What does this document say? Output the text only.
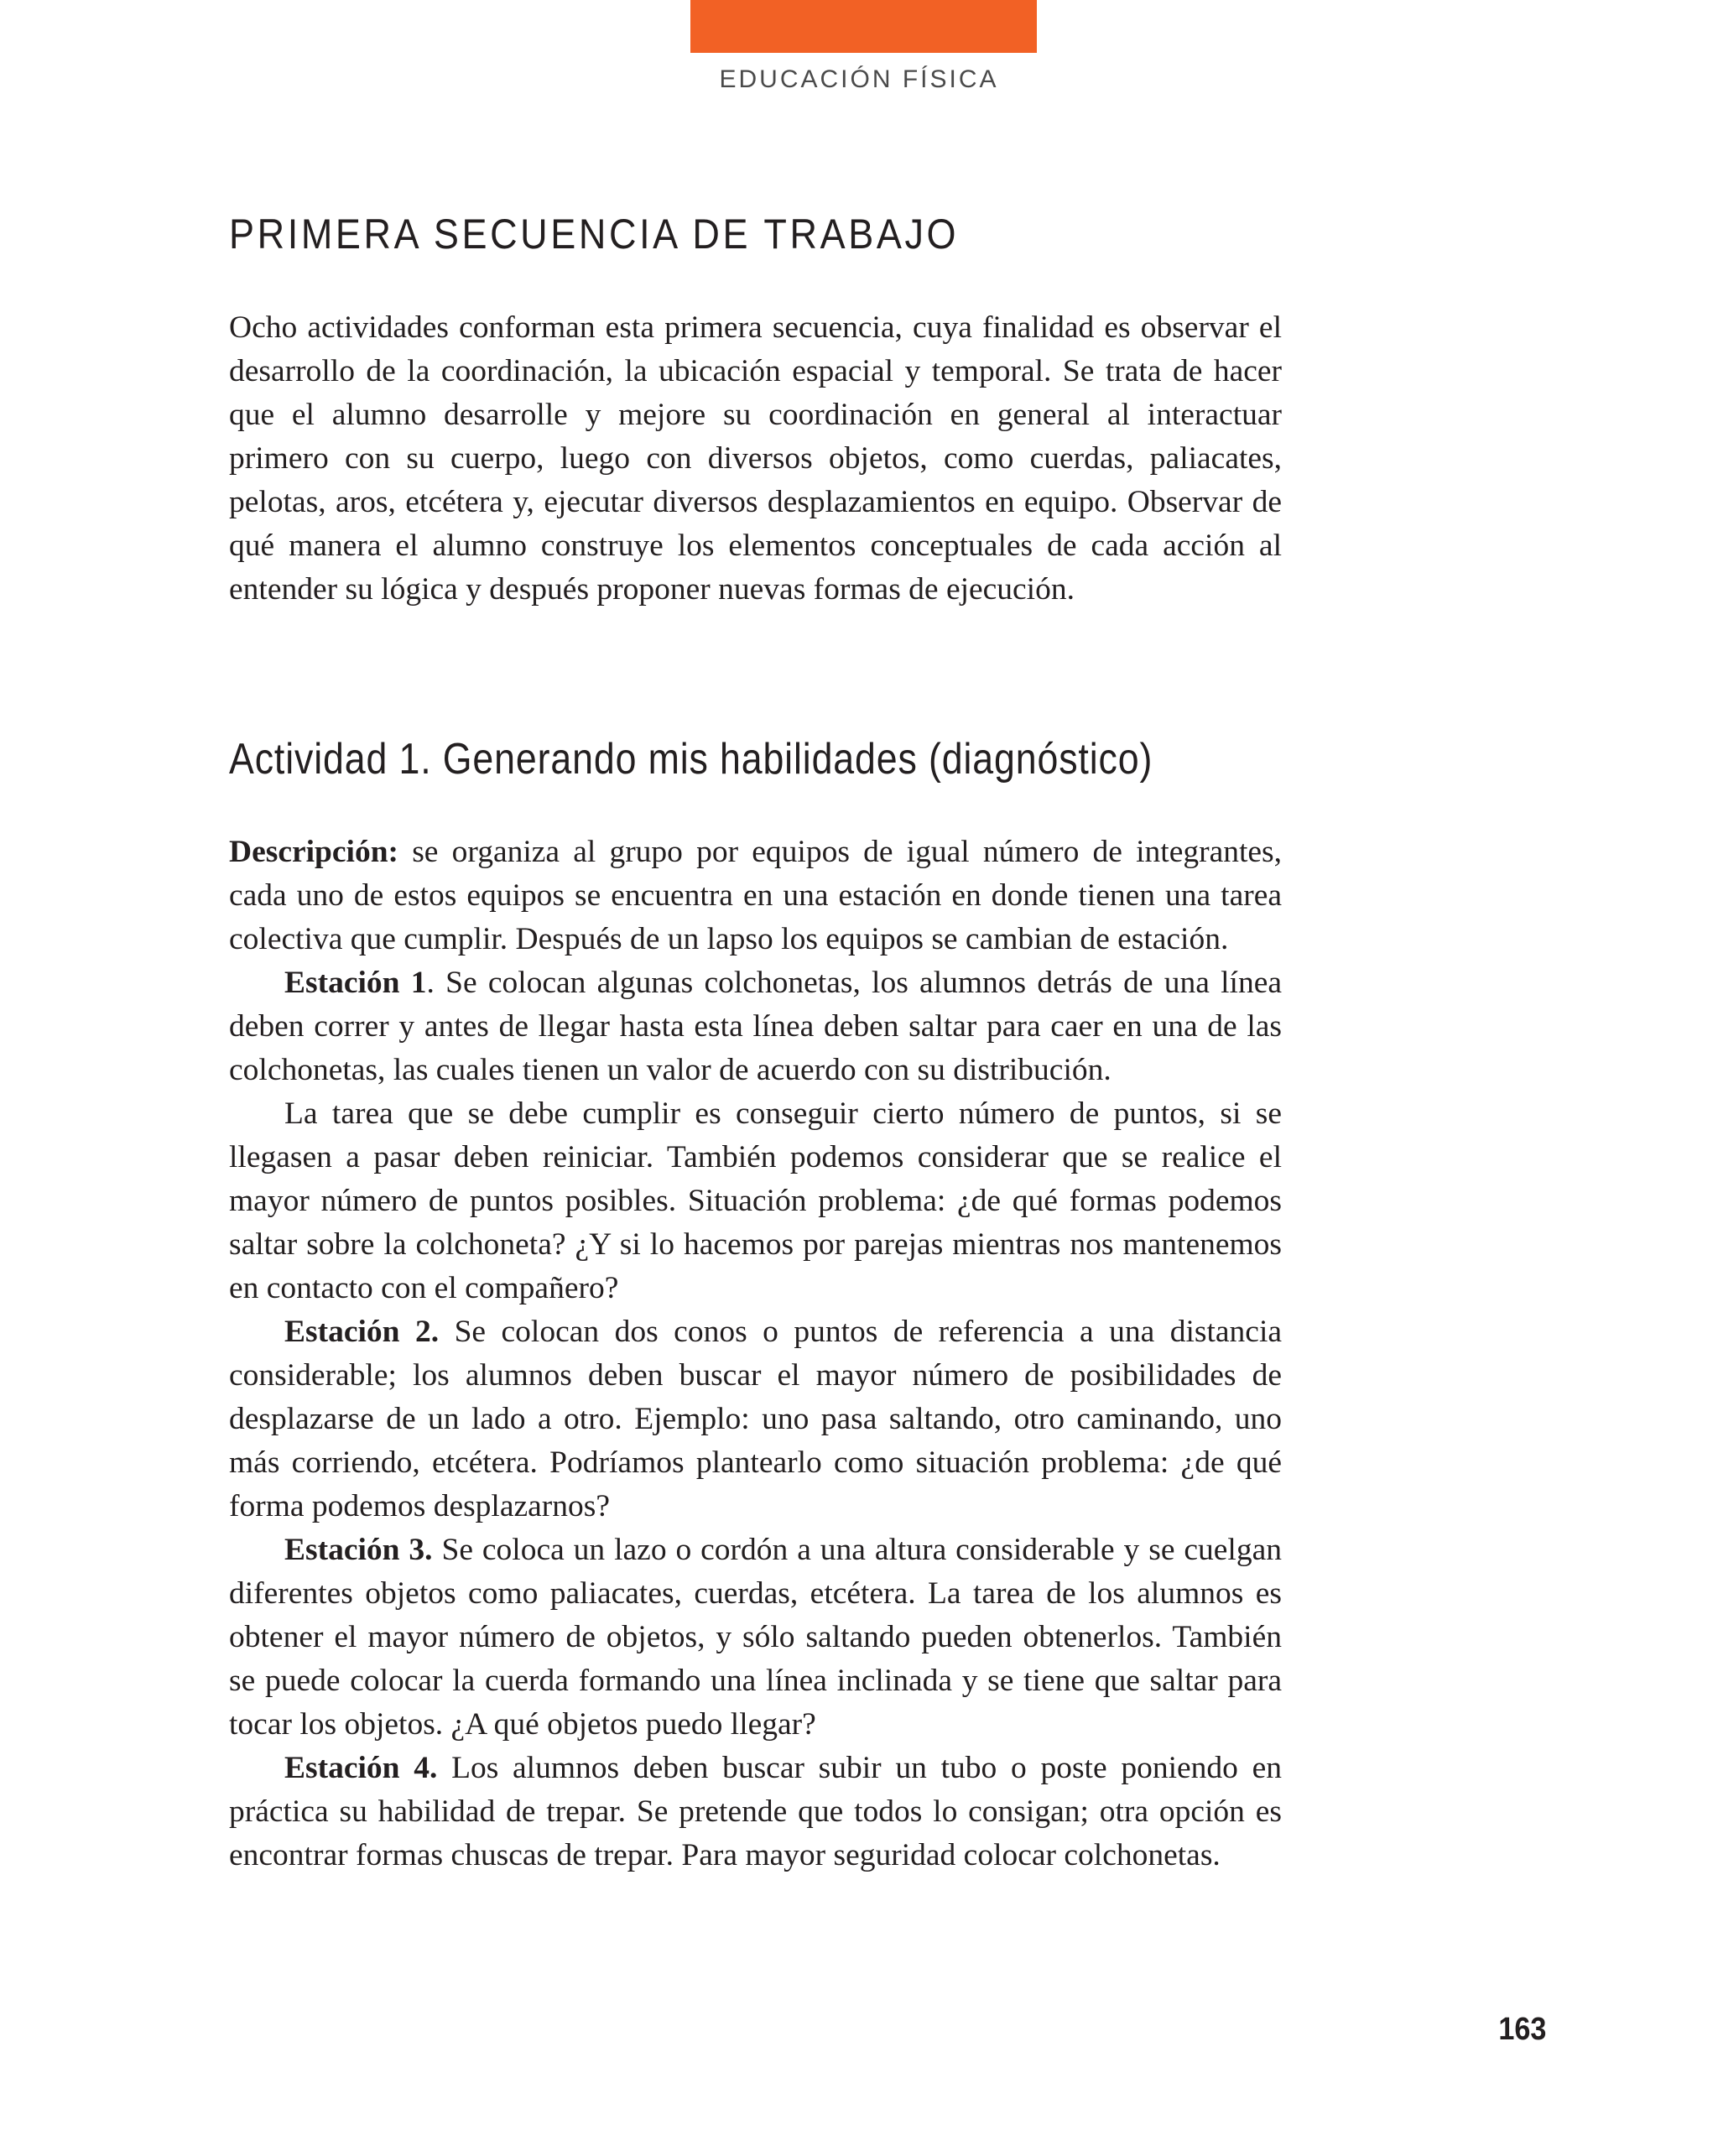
EDUCACIÓN FÍSICA
PRIMERA SECUENCIA DE TRABAJO

Ocho actividades conforman esta primera secuencia, cuya finalidad es observar el desarrollo de la coordinación, la ubicación espacial y temporal. Se trata de hacer que el alumno desarrolle y mejore su coordinación en general al interactuar primero con su cuerpo, luego con diversos objetos, como cuerdas, paliacates, pelotas, aros, etcétera y, ejecutar diversos desplazamientos en equipo. Observar de qué manera el alumno construye los elementos conceptuales de cada acción al entender su lógica y después proponer nuevas formas de ejecución.

Actividad 1. Generando mis habilidades (diagnóstico)

Descripción: se organiza al grupo por equipos de igual número de integrantes, cada uno de estos equipos se encuentra en una estación en donde tienen una tarea colectiva que cumplir. Después de un lapso los equipos se cambian de estación.

Estación 1. Se colocan algunas colchonetas, los alumnos detrás de una línea deben correr y antes de llegar hasta esta línea deben saltar para caer en una de las colchonetas, las cuales tienen un valor de acuerdo con su distribución.

La tarea que se debe cumplir es conseguir cierto número de puntos, si se llegasen a pasar deben reiniciar. También podemos considerar que se realice el mayor número de puntos posibles. Situación problema: ¿de qué formas podemos saltar sobre la colchoneta? ¿Y si lo hacemos por parejas mientras nos mantenemos en contacto con el compañero?

Estación 2. Se colocan dos conos o puntos de referencia a una distancia considerable; los alumnos deben buscar el mayor número de posibilidades de desplazarse de un lado a otro. Ejemplo: uno pasa saltando, otro caminando, uno más corriendo, etcétera. Podríamos plantearlo como situación problema: ¿de qué forma podemos desplazarnos?

Estación 3. Se coloca un lazo o cordón a una altura considerable y se cuelgan diferentes objetos como paliacates, cuerdas, etcétera. La tarea de los alumnos es obtener el mayor número de objetos, y sólo saltando pueden obtenerlos. También se puede colocar la cuerda formando una línea inclinada y se tiene que saltar para tocar los objetos. ¿A qué objetos puedo llegar?

Estación 4. Los alumnos deben buscar subir un tubo o poste poniendo en práctica su habilidad de trepar. Se pretende que todos lo consigan; otra opción es encontrar formas chuscas de trepar. Para mayor seguridad colocar colchonetas.

163
